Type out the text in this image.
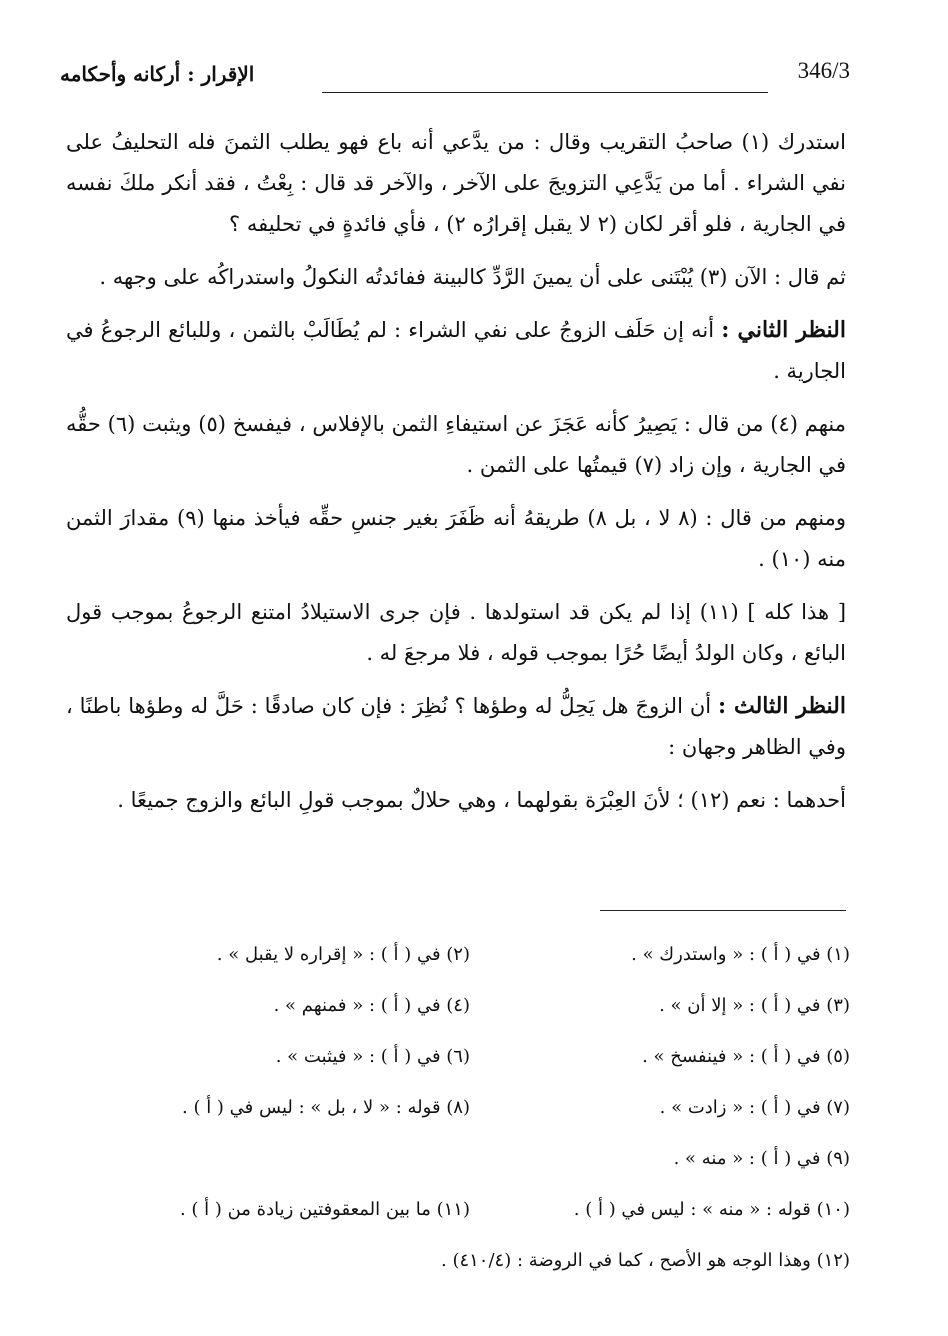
346/3
الإقرار : أركانه وأحكامه

استدرك (١) صاحبُ التقريب وقال : من يدَّعي أنه باع فهو يطلب الثمنَ فله التحليفُ على نفي الشراء . أما من يَدَّعِي التزويجَ على الآخر ، والآخر قد قال : بِعْتُ ، فقد أنكر ملكَ نفسه في الجارية ، فلو أقر لكان (٢ لا يقبل إقرارُه ٢) ، فأي فائدةٍ في تحليفه ؟

ثم قال : الآن (٣) يُبْتَنى على أن يمينَ الرَّدِّ كالبينة ففائدتُه النكولُ واستدراكُه على وجهه .

النظر الثاني : أنه إن حَلَف الزوجُ على نفي الشراء : لم يُطَالَبْ بالثمن ، وللبائع الرجوعُ في الجارية .

منهم (٤) من قال : يَصِيرُ كأنه عَجَزَ عن استيفاءِ الثمن بالإفلاس ، فيفسخ (٥) ويثبت (٦) حقُّه في الجارية ، وإن زاد (٧) قيمتُها على الثمن .

ومنهم من قال : (٨ لا ، بل ٨) طريقهُ أنه ظَفَرَ بغير جنسِ حقِّه فيأخذ منها (٩) مقدارَ الثمن منه (١٠) .

[ هذا كله ] (١١) إذا لم يكن قد استولدها . فإن جرى الاستيلادُ امتنع الرجوعُ بموجب قول البائع ، وكان الولدُ أيضًا حُرًا بموجب قوله ، فلا مرجعَ له .

النظر الثالث : أن الزوجَ هل يَحِلُّ له وطؤها ؟ نُظِرَ : فإن كان صادقًا : حَلَّ له وطؤها باطنًا ، وفي الظاهر وجهان :

أحدهما : نعم (١٢) ؛ لأنَ العِبْرَة بقولهما ، وهي حلالٌ بموجب قولِ البائع والزوج جميعًا .

(١) في ( أ ) : « واستدرك » .
(٢) في ( أ ) : « إقراره لا يقبل » .
(٣) في ( أ ) : « إلا أن » .
(٤) في ( أ ) : « فمنهم » .
(٥) في ( أ ) : « فينفسخ » .
(٦) في ( أ ) : « فيثبت » .
(٧) في ( أ ) : « زادت » .
(٨) قوله : « لا ، بل » : ليس في ( أ ) .
(٩) في ( أ ) : « منه » .
(١٠) قوله : « منه » : ليس في ( أ ) .
(١١) ما بين المعقوفتين زيادة من ( أ ) .
(١٢) وهذا الوجه هو الأصح ، كما في الروضة : (٤١٠/٤) .
